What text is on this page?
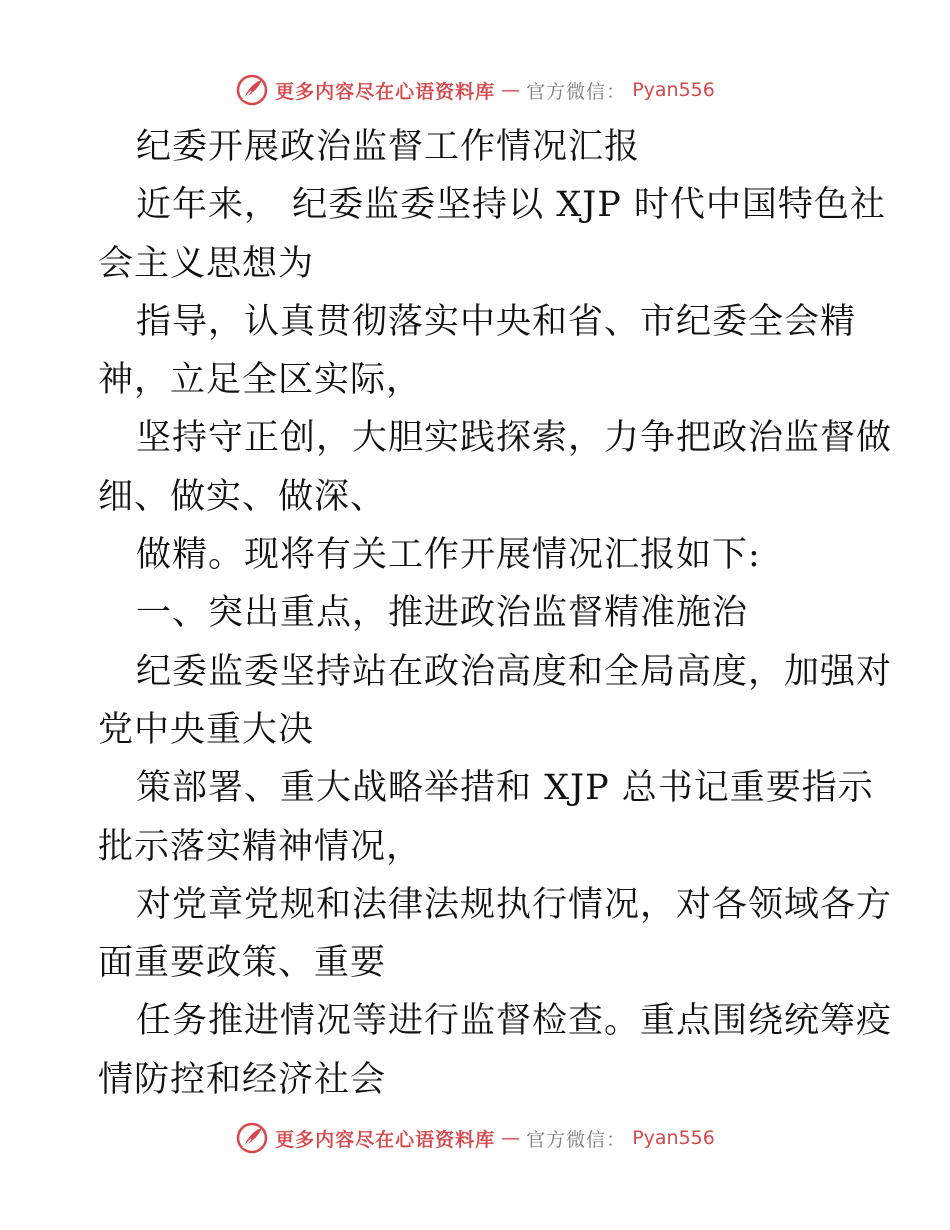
更多内容尽在心语资料库 — 官方微信： Pyan556
纪委开展政治监督工作情况汇报
近年来， 纪委监委坚持以 XJP 时代中国特色社
会主义思想为
指导，认真贯彻落实中央和省、市纪委全会精
神，立足全区实际，
坚持守正创，大胆实践探索，力争把政治监督做
细、做实、做深、
做精。现将有关工作开展情况汇报如下:
一、突出重点，推进政治监督精准施治
纪委监委坚持站在政治高度和全局高度，加强对
党中央重大决
策部署、重大战略举措和 XJP 总书记重要指示
批示落实精神情况，
对党章党规和法律法规执行情况，对各领域各方
面重要政策、重要
任务推进情况等进行监督检查。重点围绕统筹疫
情防控和经济社会
更多内容尽在心语资料库 — 官方微信： Pyan556
